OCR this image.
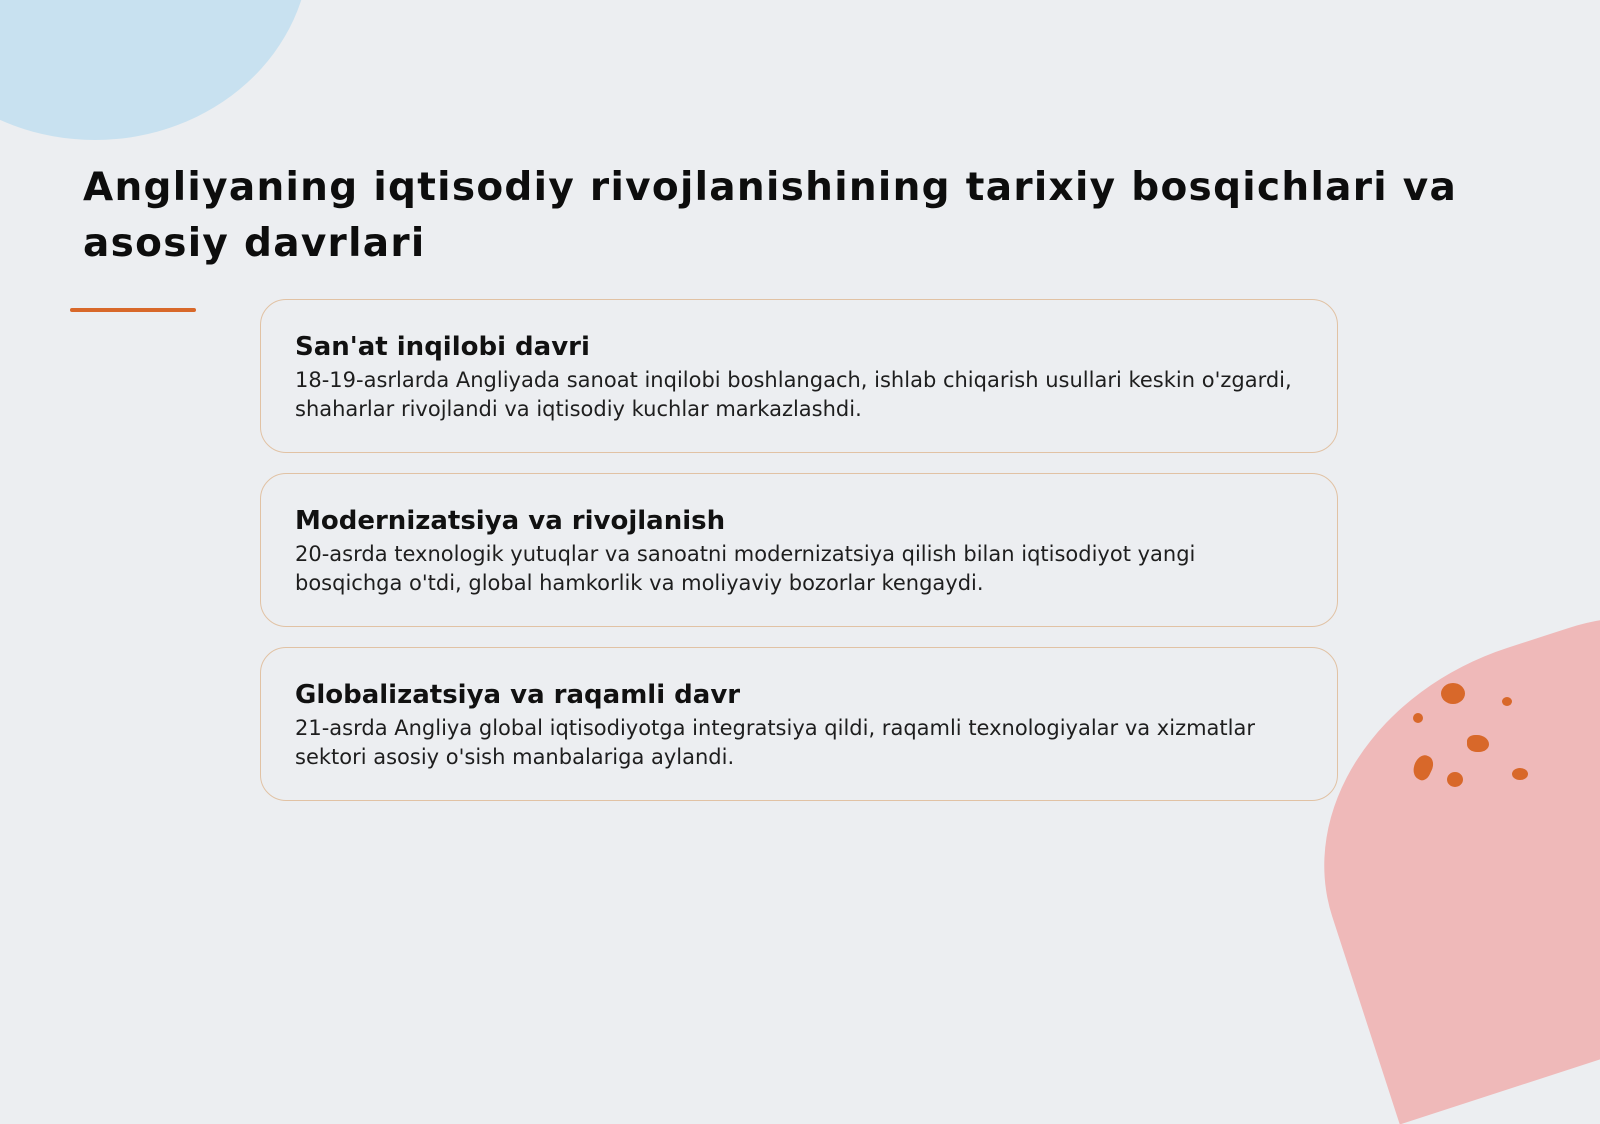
Angliyaning iqtisodiy rivojlanishining tarixiy bosqichlari va asosiy davrlari
San'at inqilobi davri

18-19-asrlarda Angliyada sanoat inqilobi boshlangach, ishlab chiqarish usullari keskin o'zgardi, shaharlar rivojlandi va iqtisodiy kuchlar markazlashdi.

Modernizatsiya va rivojlanish

20-asrda texnologik yutuqlar va sanoatni modernizatsiya qilish bilan iqtisodiyot yangi bosqichga o'tdi, global hamkorlik va moliyaviy bozorlar kengaydi.

Globalizatsiya va raqamli davr

21-asrda Angliya global iqtisodiyotga integratsiya qildi, raqamli texnologiyalar va xizmatlar sektori asosiy o'sish manbalariga aylandi.
